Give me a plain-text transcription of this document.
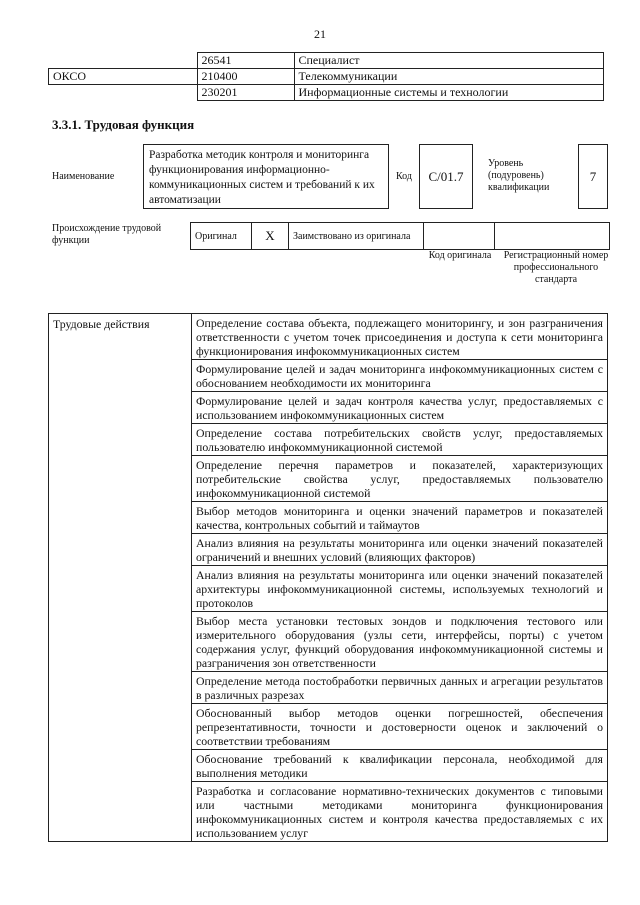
21
	26541	Специалист
ОКСО	210400	Телекоммуникации
	230201	Информационные системы и технологии
3.3.1. Трудовая функция
Наименование
Разработка методик контроля и мониторинга функционирования информационно-коммуникационных систем и требований к их автоматизации
Код	С/01.7
Уровень (подуровень) квалификации
7
Происхождение трудовой функции	Оригинал	X	Заимствовано из оригинала		
Код оригинала	Регистрационный номер профессионального стандарта
Трудовые действия	Определение состава объекта, подлежащего мониторингу, и зон разграничения ответственности с учетом точек присоединения и доступа к сети мониторинга функционирования инфокоммуникационных систем
Формулирование целей и задач мониторинга инфокоммуникационных систем с обоснованием необходимости их мониторинга
Формулирование целей и задач контроля качества услуг, предоставляемых с использованием инфокоммуникационных систем
Определение состава потребительских свойств услуг, предоставляемых пользователю инфокоммуникационной системой
Определение перечня параметров и показателей, характеризующих потребительские свойства услуг, предоставляемых пользователю инфокоммуникационной системой
Выбор методов мониторинга и оценки значений параметров и показателей качества, контрольных событий и таймаутов
Анализ влияния на результаты мониторинга или оценки значений показателей ограничений и внешних условий (влияющих факторов)
Анализ влияния на результаты мониторинга или оценки значений показателей архитектуры инфокоммуникационной системы, используемых технологий и протоколов
Выбор места установки тестовых зондов и подключения тестового или измерительного оборудования (узлы сети, интерфейсы, порты) с учетом содержания услуг, функций оборудования инфокоммуникационной системы и разграничения зон ответственности
Определение метода постобработки первичных данных и агрегации результатов в различных разрезах
Обоснованный выбор методов оценки погрешностей, обеспечения репрезентативности, точности и достоверности оценок и заключений о соответствии требованиям
Обоснование требований к квалификации персонала, необходимой для выполнения методики
Разработка и согласование нормативно-технических документов с типовыми или частными методиками мониторинга функционирования инфокоммуникационных систем и контроля качества предоставляемых с их использованием услуг
